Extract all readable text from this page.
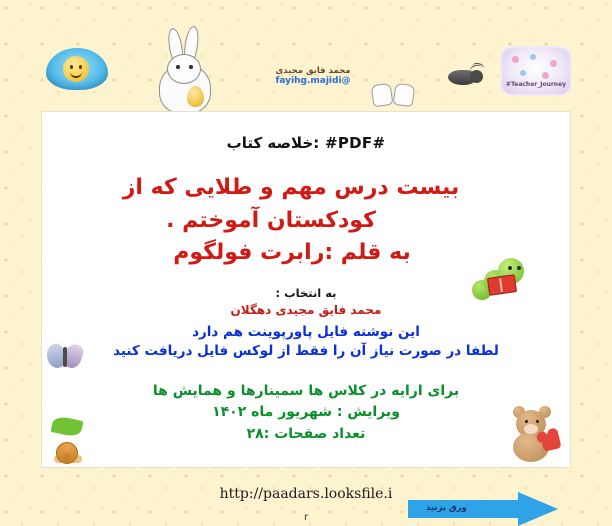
محمد فایق مجیدی
fayihg.majidi@	#Teacher_Journey
#PDF# :خلاصه کتاب
بیست درس مهم و طلایی که از
کودکستان آموختم .
به قلم :رابرت فولگوم
به انتخاب :
محمد فایق مجیدی دهگلان
این نوشته فایل پاورپوینت هم دارد
لطفا در صورت نیاز آن را فقط از لوکس فایل دریافت کنید
برای ارایه در کلاس ها سمینارها و همایش ها
ویرایش : شهریور ماه ۱۴۰۲
تعداد صفحات :۲۸
http://paadars.looksfile.i
r
ورق بزنید
